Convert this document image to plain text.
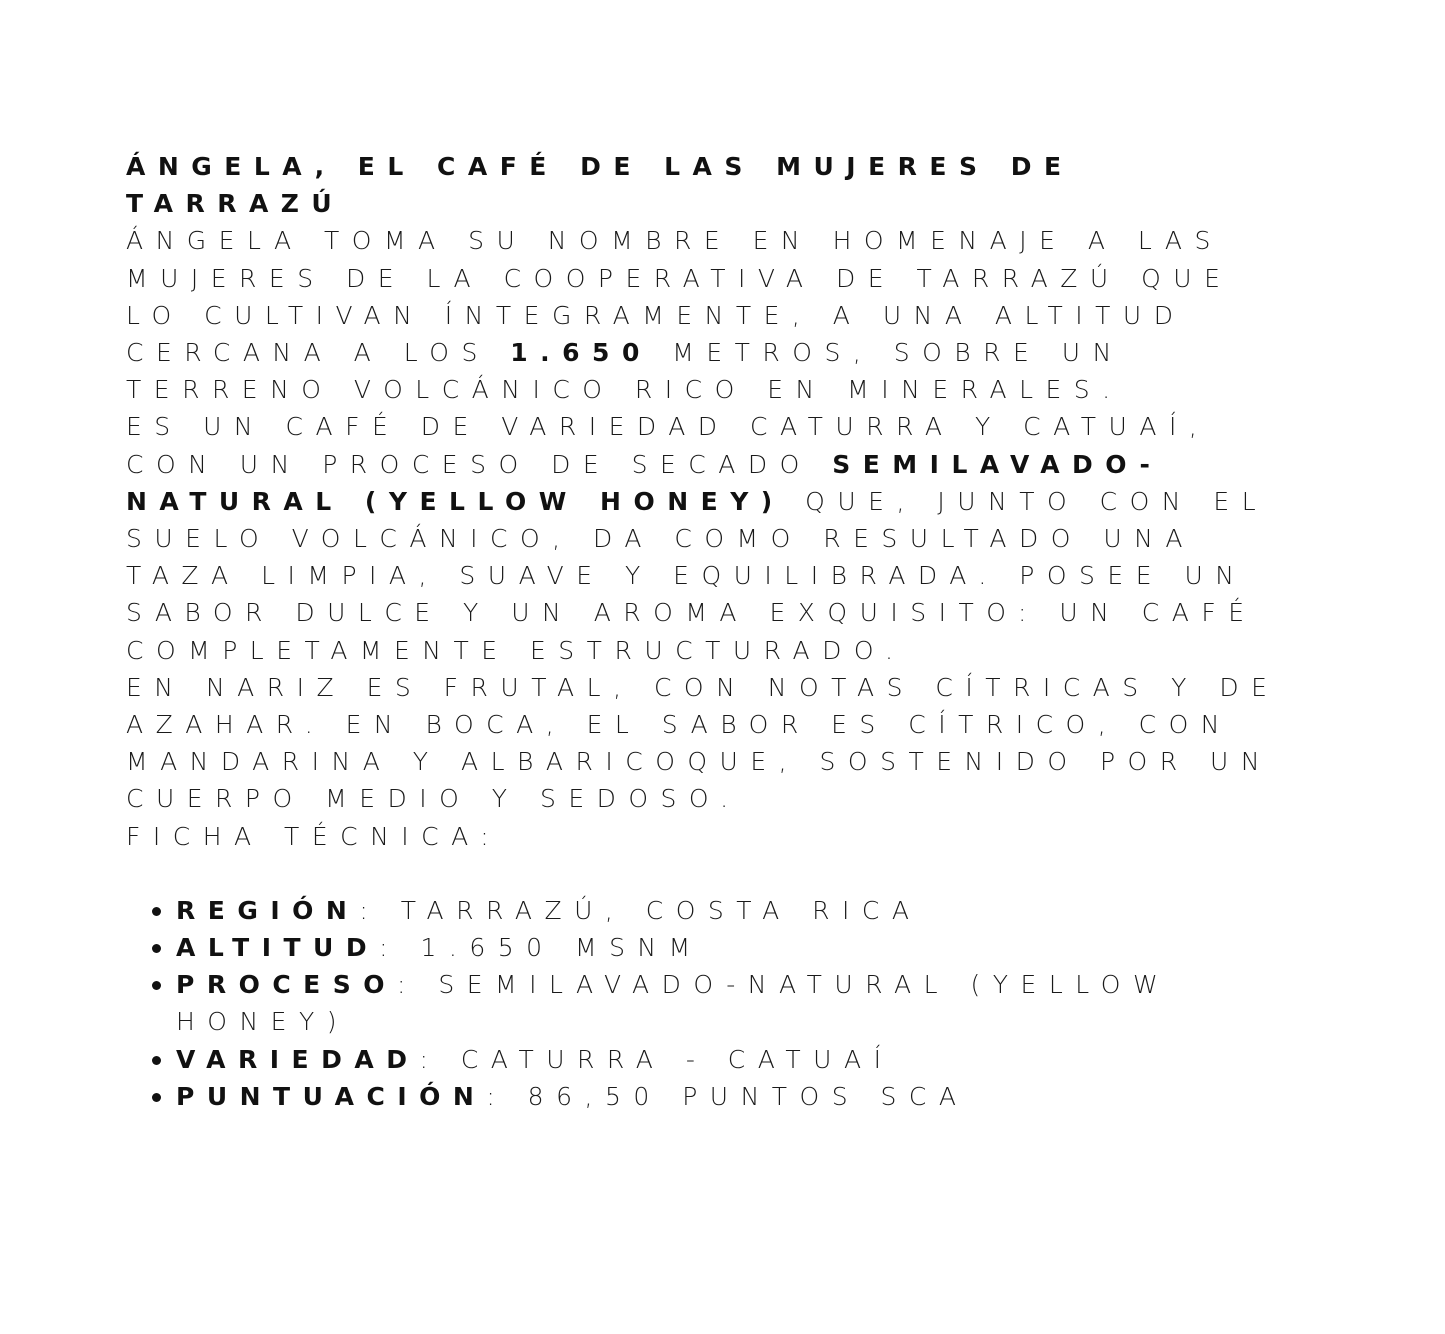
ÁNGELA, EL CAFÉ DE LAS MUJERES DE TARRAZÚ

ÁNGELA TOMA SU NOMBRE EN HOMENAJE A LAS MUJERES DE LA COOPERATIVA DE TARRAZÚ QUE LO CULTIVAN ÍNTEGRAMENTE, A UNA ALTITUD CERCANA A LOS 1.650 METROS, SOBRE UN TERRENO VOLCÁNICO RICO EN MINERALES.

ES UN CAFÉ DE VARIEDAD CATURRA Y CATUAÍ, CON UN PROCESO DE SECADO SEMILAVADO-NATURAL (YELLOW HONEY) QUE, JUNTO CON EL SUELO VOLCÁNICO, DA COMO RESULTADO UNA TAZA LIMPIA, SUAVE Y EQUILIBRADA. POSEE UN SABOR DULCE Y UN AROMA EXQUISITO: UN CAFÉ COMPLETAMENTE ESTRUCTURADO.

EN NARIZ ES FRUTAL, CON NOTAS CÍTRICAS Y DE AZAHAR. EN BOCA, EL SABOR ES CÍTRICO, CON MANDARINA Y ALBARICOQUE, SOSTENIDO POR UN CUERPO MEDIO Y SEDOSO.

FICHA TÉCNICA:

REGIÓN: TARRAZÚ, COSTA RICA
ALTITUD: 1.650 MSNM
PROCESO: SEMILAVADO-NATURAL (YELLOW HONEY)
VARIEDAD: CATURRA - CATUAÍ
PUNTUACIÓN: 86,50 PUNTOS SCA
